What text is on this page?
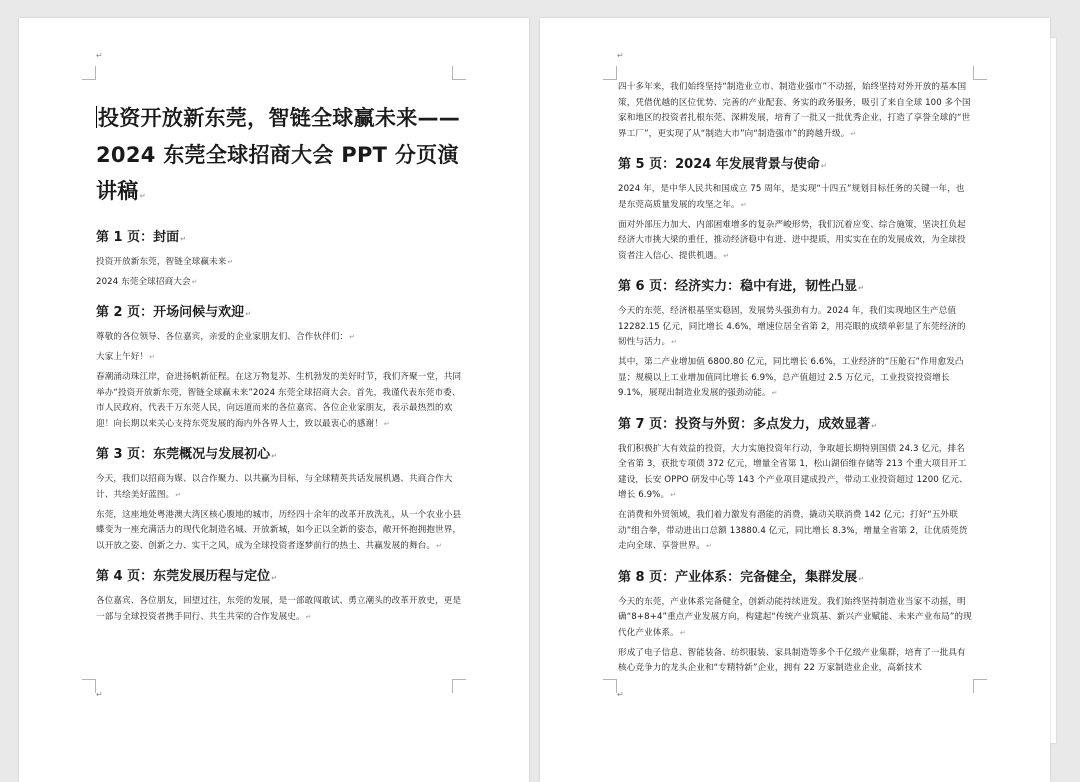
↵
↵
投资开放新东莞，智链全球赢未来——2024 东莞全球招商大会 PPT 分页演讲稿 ↵
第 1 页：封面 ↵

投资开放新东莞，智链全球赢未来 ↵

2024 东莞全球招商大会 ↵

第 2 页：开场问候与欢迎 ↵

尊敬的各位领导、各位嘉宾，亲爱的企业家朋友们、合作伙伴们： ↵

大家上午好！ ↵

春潮涌动珠江岸，奋进扬帆新征程。在这万物复苏、生机勃发的美好时节，我们齐聚一堂，共同举办“投资开放新东莞，智链全球赢未来”2024 东莞全球招商大会。首先，我谨代表东莞市委、市人民政府，代表千万东莞人民，向远道而来的各位嘉宾、各位企业家朋友，表示最热烈的欢迎！向长期以来关心支持东莞发展的海内外各界人士，致以最衷心的感谢！ ↵

第 3 页：东莞概况与发展初心 ↵

今天，我们以招商为媒、以合作聚力、以共赢为目标，与全球精英共话发展机遇、共商合作大计、共绘美好蓝图。 ↵

东莞，这座地处粤港澳大湾区核心腹地的城市，历经四十余年的改革开放洗礼，从一个农业小县蝶变为一座充满活力的现代化制造名城、开放新城，如今正以全新的姿态，敞开怀抱拥抱世界，以开放之姿、创新之力、实干之风，成为全球投资者逐梦前行的热土、共赢发展的舞台。 ↵

第 4 页：东莞发展历程与定位 ↵

各位嘉宾、各位朋友，回望过往，东莞的发展，是一部敢闯敢试、勇立潮头的改革开放史，更是一部与全球投资者携手同行、共生共荣的合作发展史。 ↵

↵
↵

四十多年来，我们始终坚持“制造业立市、制造业强市”不动摇，始终坚持对外开放的基本国策，凭借优越的区位优势、完善的产业配套、务实的政务服务，吸引了来自全球 100 多个国家和地区的投资者扎根东莞、深耕发展，培育了一批又一批优秀企业，打造了享誉全球的“世界工厂”，更实现了从“制造大市”向“制造强市”的跨越升级。 ↵

第 5 页：2024 年发展背景与使命 ↵

2024 年，是中华人民共和国成立 75 周年，是实现“十四五”规划目标任务的关键一年，也是东莞高质量发展的攻坚之年。 ↵

面对外部压力加大、内部困难增多的复杂严峻形势，我们沉着应变、综合施策，坚决扛负起经济大市挑大梁的重任，推动经济稳中有进、进中提质，用实实在在的发展成效，为全球投资者注入信心、提供机遇。 ↵

第 6 页：经济实力：稳中有进，韧性凸显 ↵

今天的东莞，经济根基坚实稳固，发展势头强劲有力。2024 年，我们实现地区生产总值 12282.15 亿元，同比增长 4.6%，增速位居全省第 2，用亮眼的成绩单彰显了东莞经济的韧性与活力。 ↵

其中，第二产业增加值 6800.80 亿元，同比增长 6.6%，工业经济的“压舱石”作用愈发凸显；规模以上工业增加值同比增长 6.9%，总产值超过 2.5 万亿元，工业投资投资增长 9.1%，展现出制造业发展的强劲动能。 ↵

第 7 页：投资与外贸：多点发力，成效显著 ↵

我们积极扩大有效益的投资，大力实施投资年行动，争取超长期特别国债 24.3 亿元，排名全省第 3，获批专项债 372 亿元，增量全省第 1，松山湖佰维存储等 213 个重大项目开工建设，长安 OPPO 研发中心等 143 个产业项目建成投产，带动工业投资超过 1200 亿元、增长 6.9%。 ↵

在消费和外贸领域，我们着力激发有潜能的消费，撬动关联消费 142 亿元；打好“五外联动”组合拳，带动进出口总额 13880.4 亿元，同比增长 8.3%，增量全省第 2，让优质莞货走向全球、享誉世界。 ↵

第 8 页：产业体系：完备健全，集群发展 ↵

今天的东莞，产业体系完备健全，创新动能持续迸发。我们始终坚持制造业当家不动摇，明确“8+8+4”重点产业发展方向，构建起“传统产业筑基、新兴产业赋能、未来产业布局”的现代化产业体系。 ↵

形成了电子信息、智能装备、纺织服装、家具制造等多个千亿级产业集群，培育了一批具有核心竞争力的龙头企业和“专精特新”企业，拥有 22 万家制造业企业，高新技术
